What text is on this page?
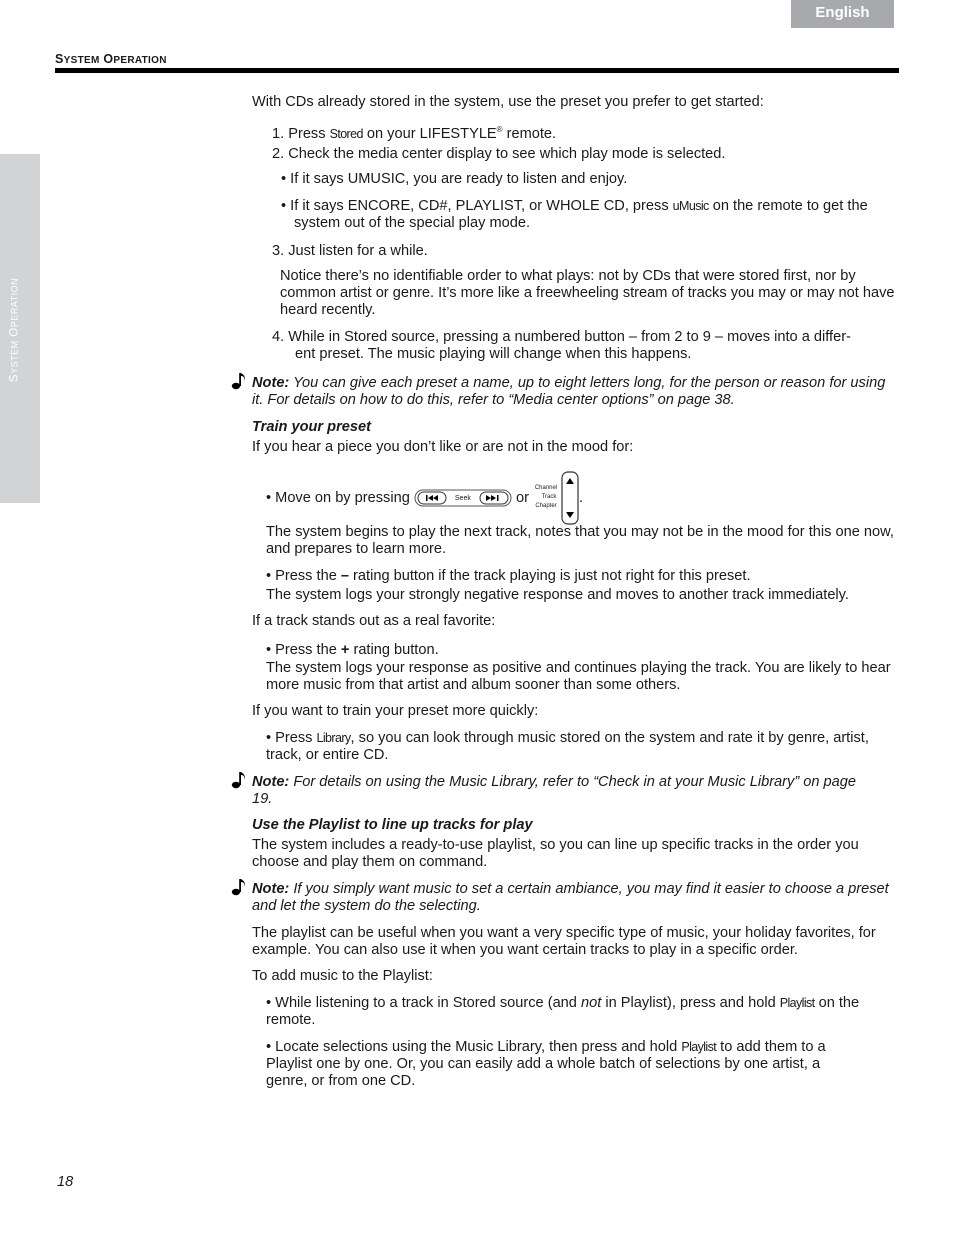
English
SYSTEM OPERATION
SYSTEM OPERATION

With CDs already stored in the system, use the preset you prefer to get started:

1. Press Stored on your LIFESTYLE® remote.

2. Check the media center display to see which play mode is selected.

• If it says UMUSIC, you are ready to listen and enjoy.

• If it says ENCORE, CD#, PLAYLIST, or WHOLE CD, press uMusic on the remote to get the
system out of the special play mode.

3. Just listen for a while.

Notice there’s no identifiable order to what plays: not by CDs that were stored first, nor by common artist or genre. It’s more like a freewheeling stream of tracks you may or may not have heard recently.

4. While in Stored source, pressing a numbered button – from 2 to 9 – moves into a differ-
ent preset. The music playing will change when this happens.

Note: You can give each preset a name, up to eight letters long, for the person or reason for using it. For details on how to do this, refer to “Media center options” on page 38.

Train your preset

If you hear a piece you don’t like or are not in the mood for:

• Move on by pressing	Seek	or
Channel
Track
Chapter
.

The system begins to play the next track, notes that you may not be in the mood for this one now, and prepares to learn more.

• Press the – rating button if the track playing is just not right for this preset.

The system logs your strongly negative response and moves to another track immediately.

If a track stands out as a real favorite:

• Press the + rating button.

The system logs your response as positive and continues playing the track. You are likely to hear more music from that artist and album sooner than some others.

If you want to train your preset more quickly:

• Press Library, so you can look through music stored on the system and rate it by genre, artist,
track, or entire CD.

Note: For details on using the Music Library, refer to “Check in at your Music Library” on page 19.

Use the Playlist to line up tracks for play

The system includes a ready-to-use playlist, so you can line up specific tracks in the order you choose and play them on command.

Note: If you simply want music to set a certain ambiance, you may find it easier to choose a preset and let the system do the selecting.

The playlist can be useful when you want a very specific type of music, your holiday favorites, for example. You can also use it when you want certain tracks to play in a specific order.

To add music to the Playlist:

• While listening to a track in Stored source (and not in Playlist), press and hold Playlist on the
remote.

• Locate selections using the Music Library, then press and hold Playlist to add them to a
Playlist one by one. Or, you can easily add a whole batch of selections by one artist, a
genre, or from one CD.

18
